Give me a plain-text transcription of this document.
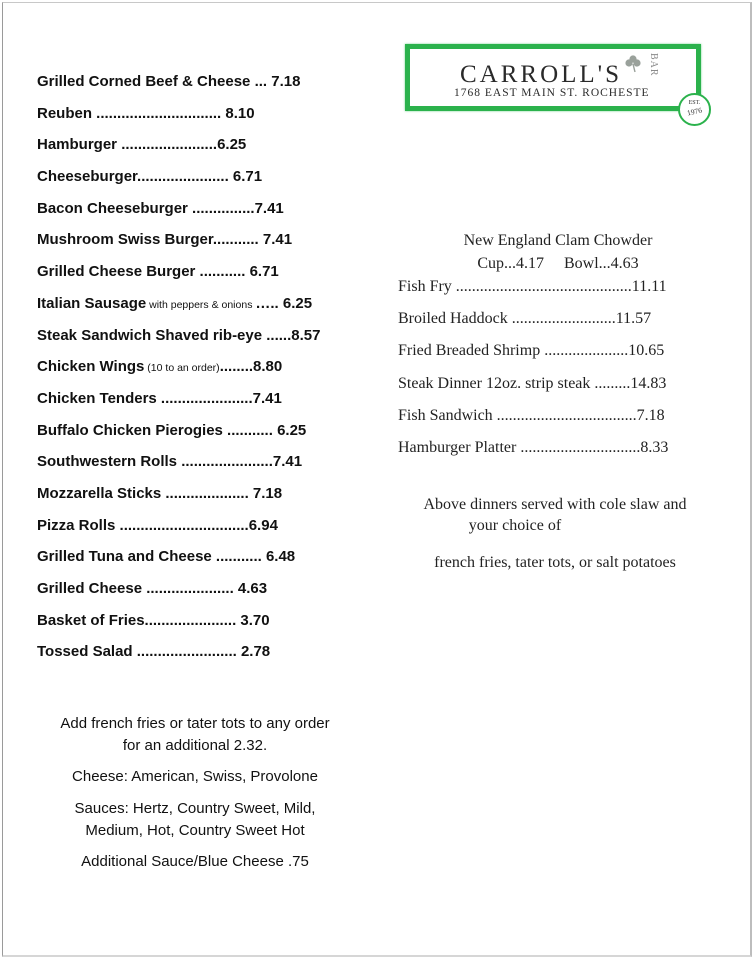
Grilled Corned Beef & Cheese ... 7.18
Reuben .............................. 8.10
Hamburger .......................6.25
Cheeseburger...................... 6.71
Bacon Cheeseburger ...............7.41
Mushroom Swiss Burger........... 7.41
Grilled Cheese Burger ........... 6.71
Italian Sausage with peppers & onions ….. 6.25
Steak Sandwich Shaved rib-eye ......8.57
Chicken Wings (10 to an order)........8.80
Chicken Tenders ......................7.41
Buffalo Chicken Pierogies ........... 6.25
Southwestern Rolls ......................7.41
Mozzarella Sticks .................... 7.18
Pizza Rolls ...............................6.94
Grilled Tuna and Cheese ........... 6.48
Grilled Cheese ..................... 4.63
Basket of Fries...................... 3.70
Tossed Salad ........................ 2.78
Add french fries or tater tots to any order
for an additional 2.32.
Cheese: American, Swiss, Provolone
Sauces: Hertz, Country Sweet, Mild,
Medium, Hot, Country Sweet Hot
Additional Sauce/Blue Cheese .75
CARROLL'S	BAR
1768 EAST MAIN ST. ROCHESTE
EST.
1976
New England Clam Chowder
Cup...4.17     Bowl...4.63
Fish Fry ............................................11.11
Broiled Haddock ..........................11.57
Fried Breaded Shrimp .....................10.65
Steak Dinner 12oz. strip steak .........14.83
Fish Sandwich ...................................7.18
Hamburger Platter ..............................8.33
Above dinners served with cole slaw and
your choice of
french fries, tater tots, or salt potatoes
